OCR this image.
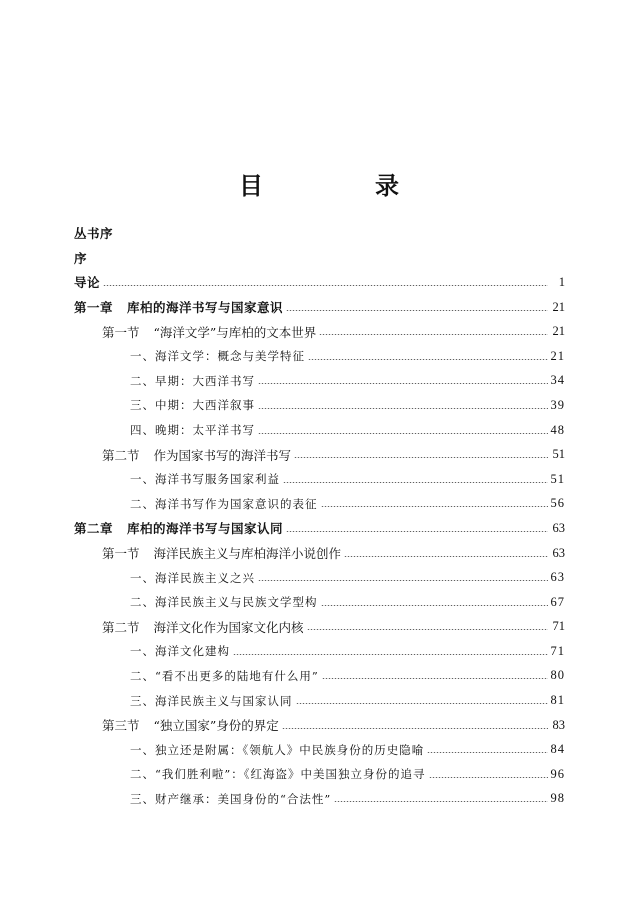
目　录
丛书序
序
导论	1
第一章 库柏的海洋书写与国家意识	21
第一节 “海洋文学”与库柏的文本世界	21
一、海洋文学：概念与美学特征	21
二、早期：大西洋书写	34
三、中期：大西洋叙事	39
四、晚期：太平洋书写	48
第二节 作为国家书写的海洋书写	51
一、海洋书写服务国家利益	51
二、海洋书写作为国家意识的表征	56
第二章 库柏的海洋书写与国家认同	63
第一节 海洋民族主义与库柏海洋小说创作	63
一、海洋民族主义之兴	63
二、海洋民族主义与民族文学型构	67
第二节 海洋文化作为国家文化内核	71
一、海洋文化建构	71
二、“看不出更多的陆地有什么用”	80
三、海洋民族主义与国家认同	81
第三节 “独立国家”身份的界定	83
一、独立还是附属：《领航人》中民族身份的历史隐喻	84
二、“我们胜利啦”：《红海盗》中美国独立身份的追寻	96
三、财产继承：美国身份的“合法性”	98
